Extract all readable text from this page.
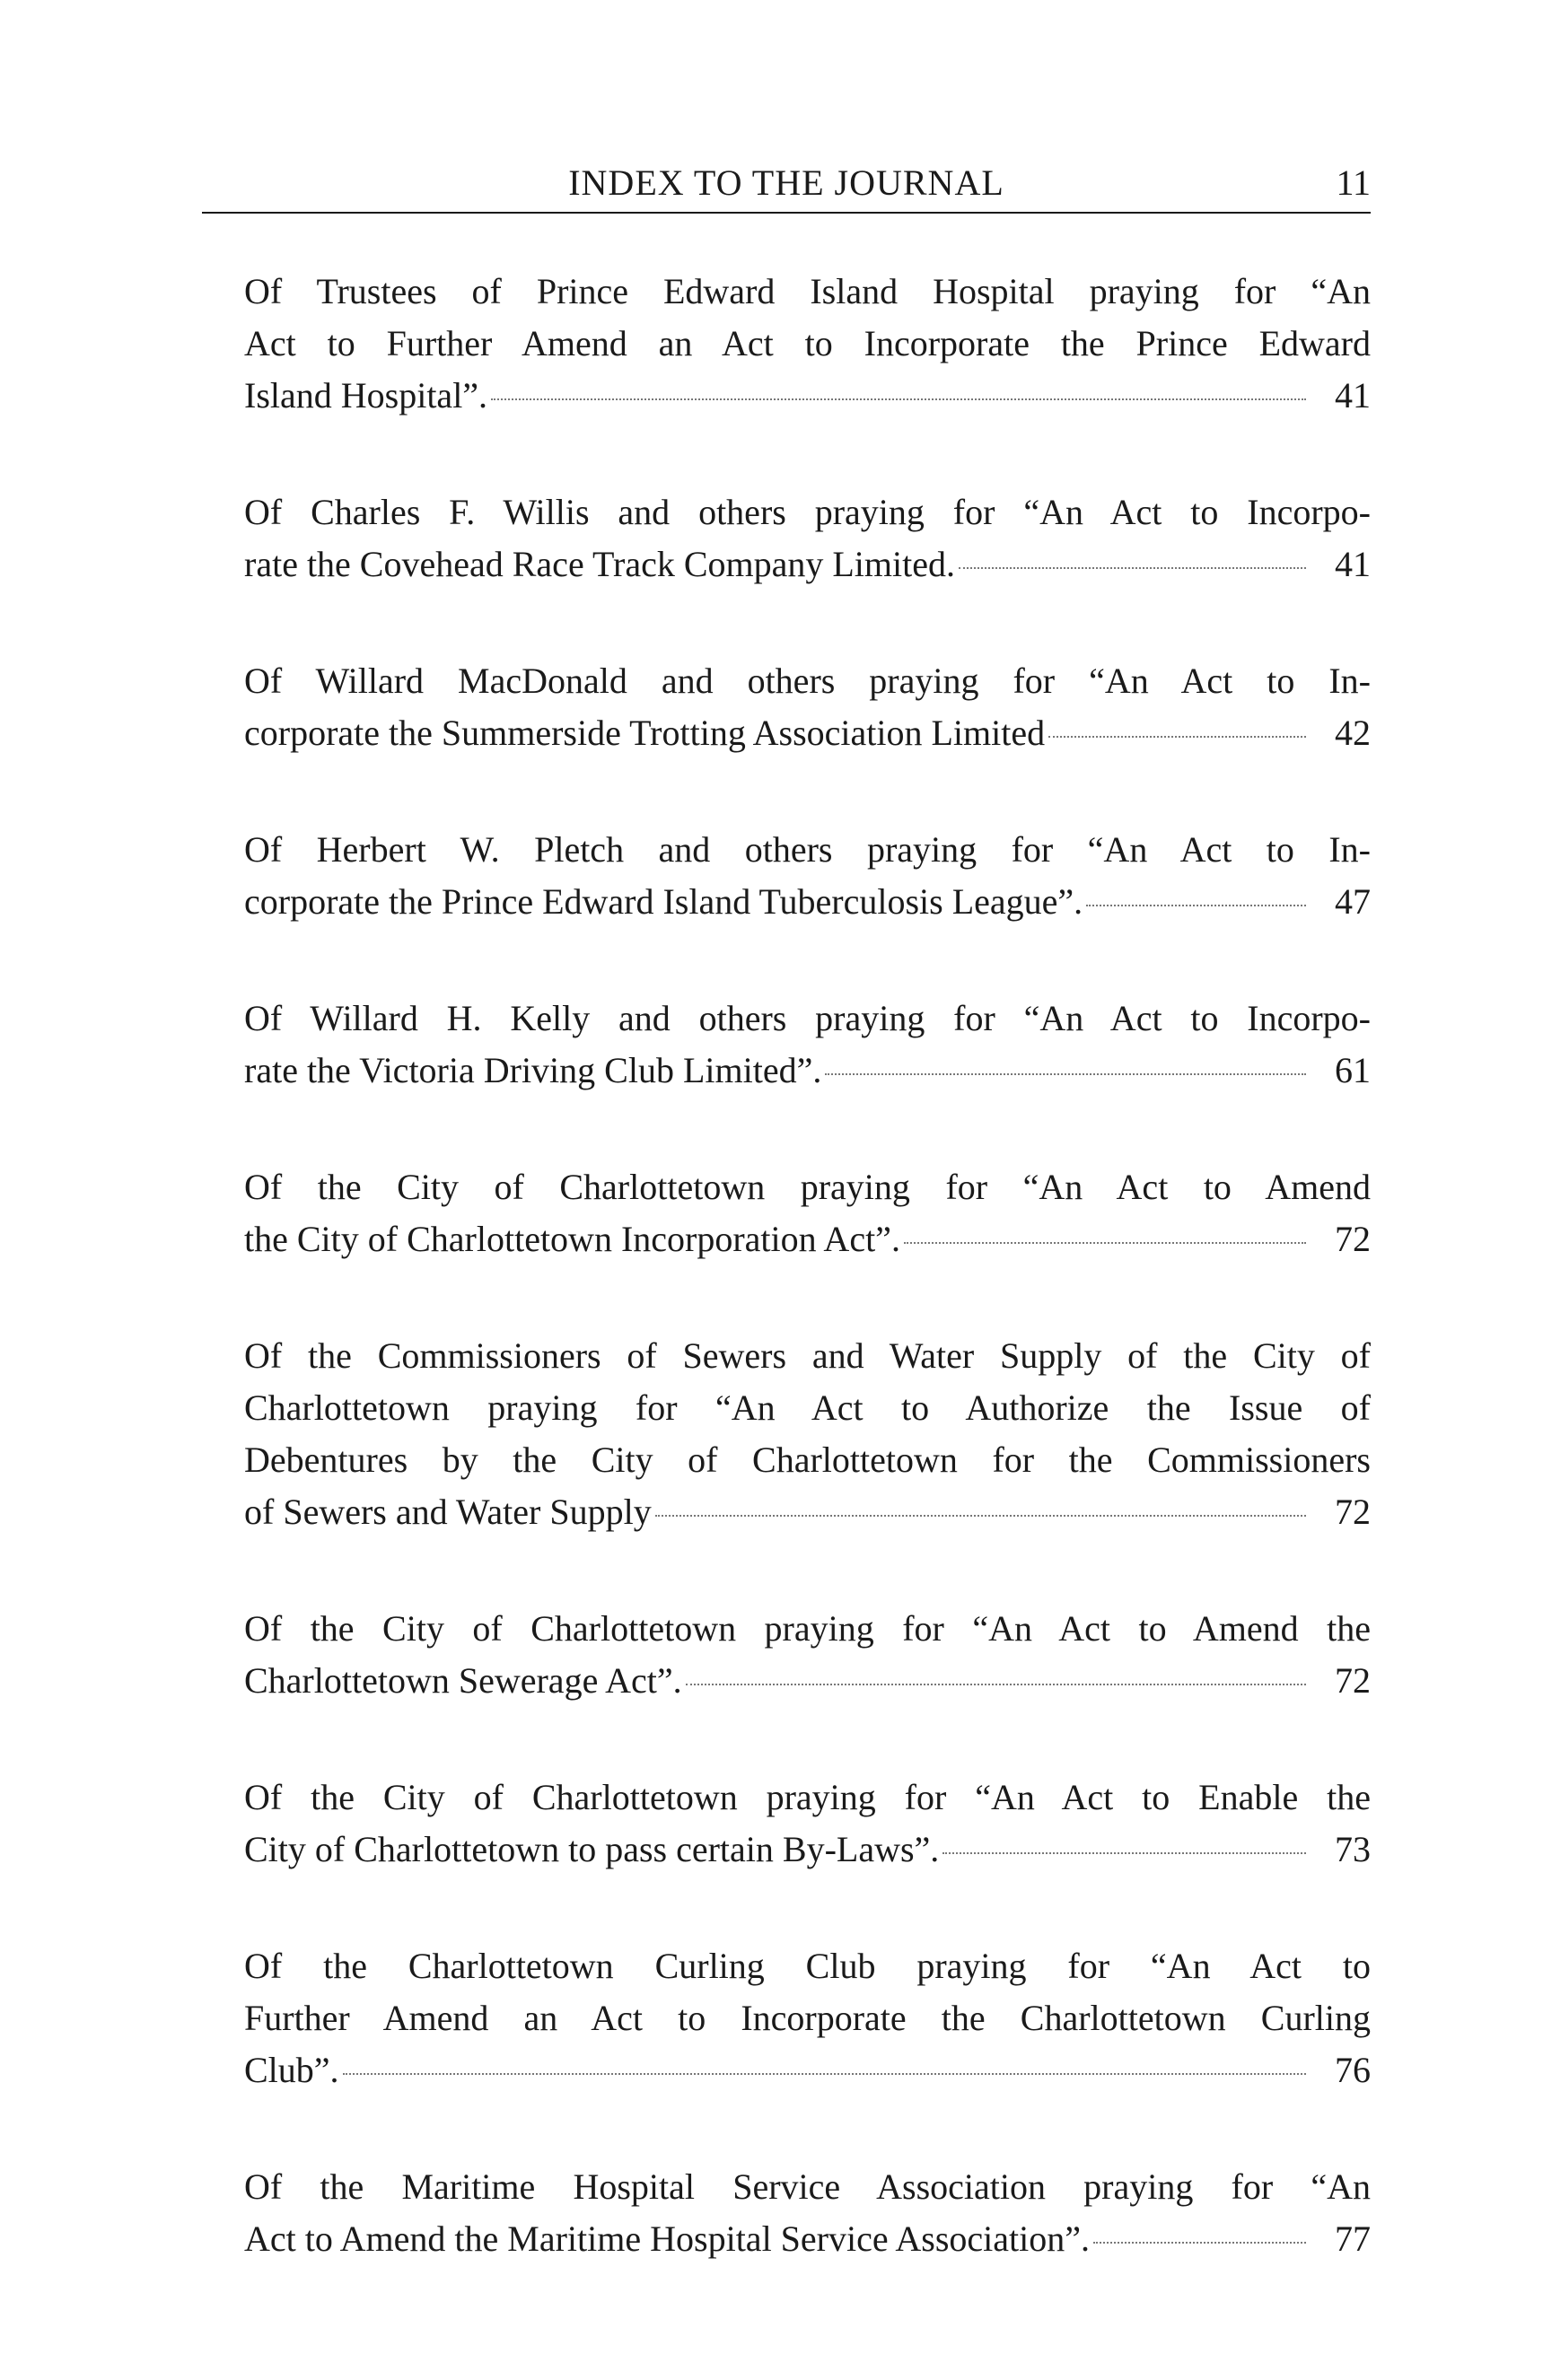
INDEX TO THE JOURNAL	11
Of Trustees of Prince Edward Island Hospital praying for “An
Act to Further Amend an Act to Incorporate the Prince Edward
Island Hospital”.	41
Of Charles F. Willis and others praying for “An Act to Incorpo-
rate the Covehead Race Track Company Limited.	41
Of Willard MacDonald and others praying for “An Act to In-
corporate the Summerside Trotting Association Limited	42
Of Herbert W. Pletch and others praying for “An Act to In-
corporate the Prince Edward Island Tuberculosis League”.	47
Of Willard H. Kelly and others praying for “An Act to Incorpo-
rate the Victoria Driving Club Limited”.	61
Of the City of Charlottetown praying for “An Act to Amend
the City of Charlottetown Incorporation Act”.	72
Of the Commissioners of Sewers and Water Supply of the City of
Charlottetown praying for “An Act to Authorize the Issue of
Debentures by the City of Charlottetown for the Commissioners
of Sewers and Water Supply	72
Of the City of Charlottetown praying for “An Act to Amend the
Charlottetown Sewerage Act”.	72
Of the City of Charlottetown praying for “An Act to Enable the
City of Charlottetown to pass certain By-Laws”.	73
Of the Charlottetown Curling Club praying for “An Act to
Further Amend an Act to Incorporate the Charlottetown Curling
Club”.	76
Of the Maritime Hospital Service Association praying for “An
Act to Amend the Maritime Hospital Service Association”.	77
